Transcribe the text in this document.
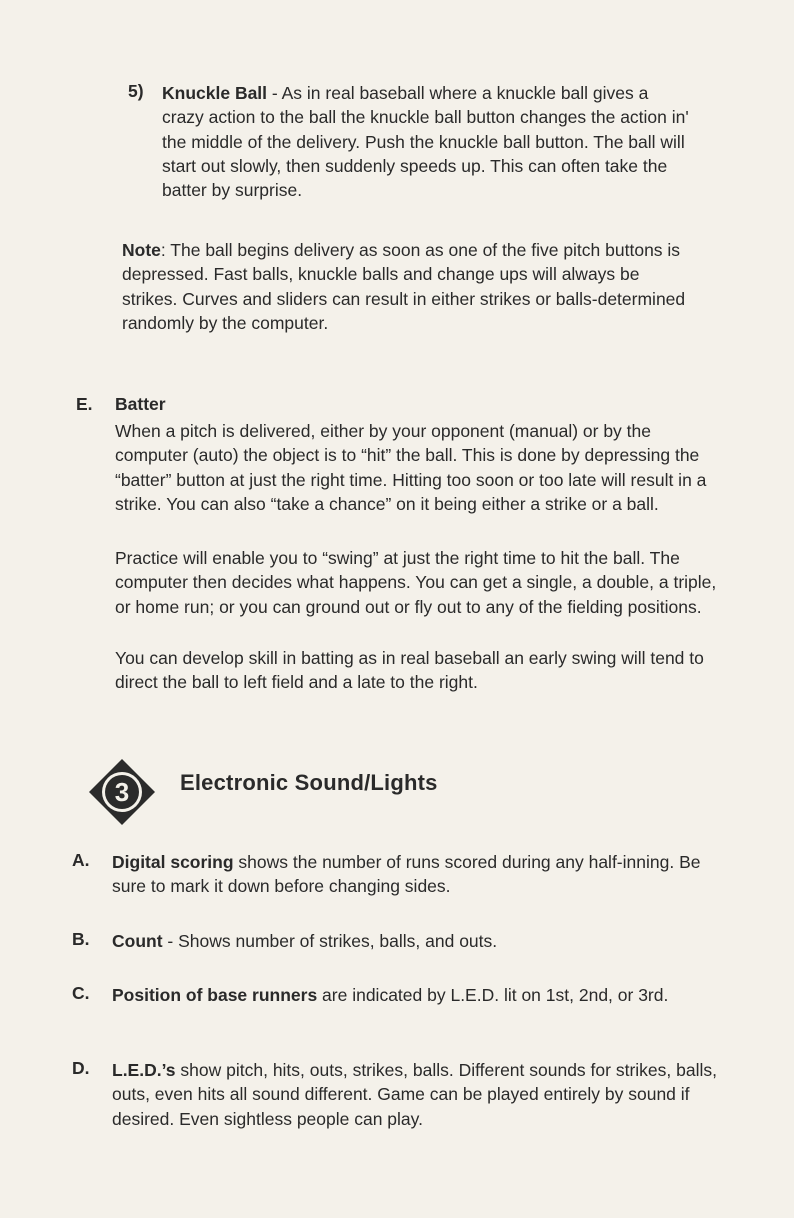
5) Knuckle Ball - As in real baseball where a knuckle ball gives a crazy action to the ball the knuckle ball button changes the action in' the middle of the delivery. Push the knuckle ball button. The ball will start out slowly, then suddenly speeds up. This can often take the batter by surprise.

Note: The ball begins delivery as soon as one of the five pitch buttons is depressed. Fast balls, knuckle balls and change ups will always be strikes. Curves and sliders can result in either strikes or balls-determined randomly by the computer.

E. Batter

When a pitch is delivered, either by your opponent (manual) or by the computer (auto) the object is to “hit” the ball. This is done by depressing the “batter” button at just the right time. Hitting too soon or too late will result in a strike. You can also “take a chance” on it being either a strike or a ball.

Practice will enable you to “swing” at just the right time to hit the ball. The computer then decides what happens. You can get a single, a double, a triple, or home run; or you can ground out or fly out to any of the fielding positions.

You can develop skill in batting as in real baseball an early swing will tend to direct the ball to left field and a late to the right.

3 Electronic Sound/Lights
A. Digital scoring shows the number of runs scored during any half-inning. Be sure to mark it down before changing sides.

B. Count - Shows number of strikes, balls, and outs.

C. Position of base runners are indicated by L.E.D. lit on 1st, 2nd, or 3rd.

D. L.E.D.’s show pitch, hits, outs, strikes, balls. Different sounds for strikes, balls, outs, even hits all sound different. Game can be played entirely by sound if desired. Even sightless people can play.
